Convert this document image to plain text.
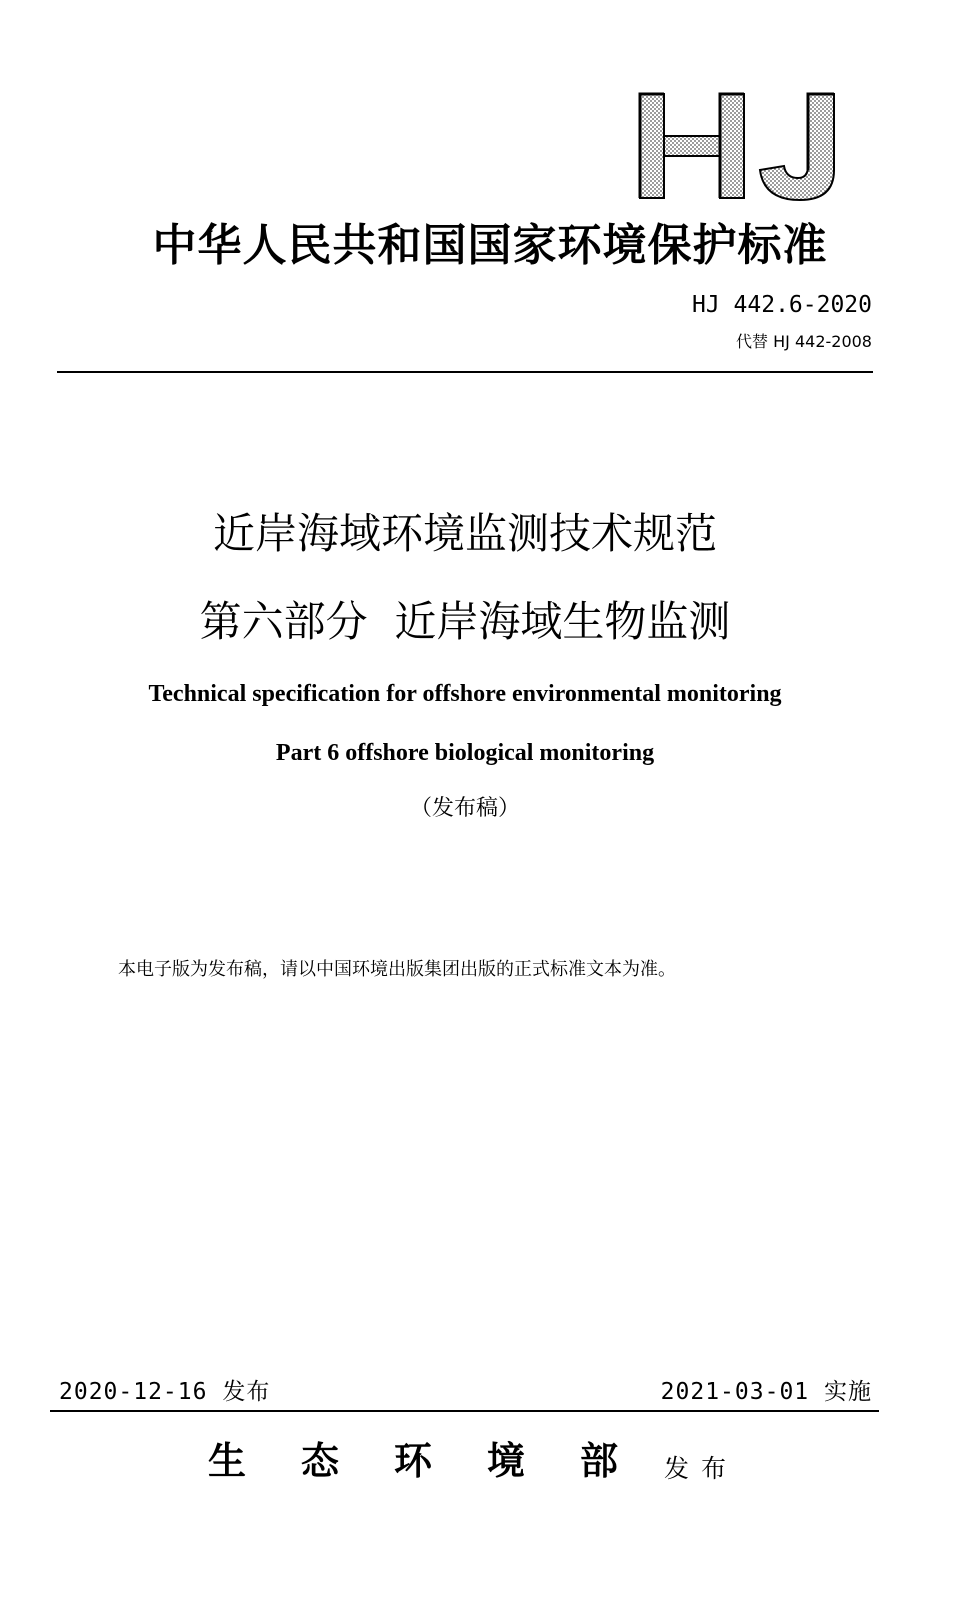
中华人民共和国国家环境保护标准
HJ 442.6-2020
代替 HJ 442-2008
近岸海域环境监测技术规范
第六部分  近岸海域生物监测
Technical specification for offshore environmental monitoring
Part 6 offshore biological monitoring
（发布稿）
本电子版为发布稿，请以中国环境出版集团出版的正式标准文本为准。
2020-12-16 发布	2021-03-01 实施
生态环境部
发布
